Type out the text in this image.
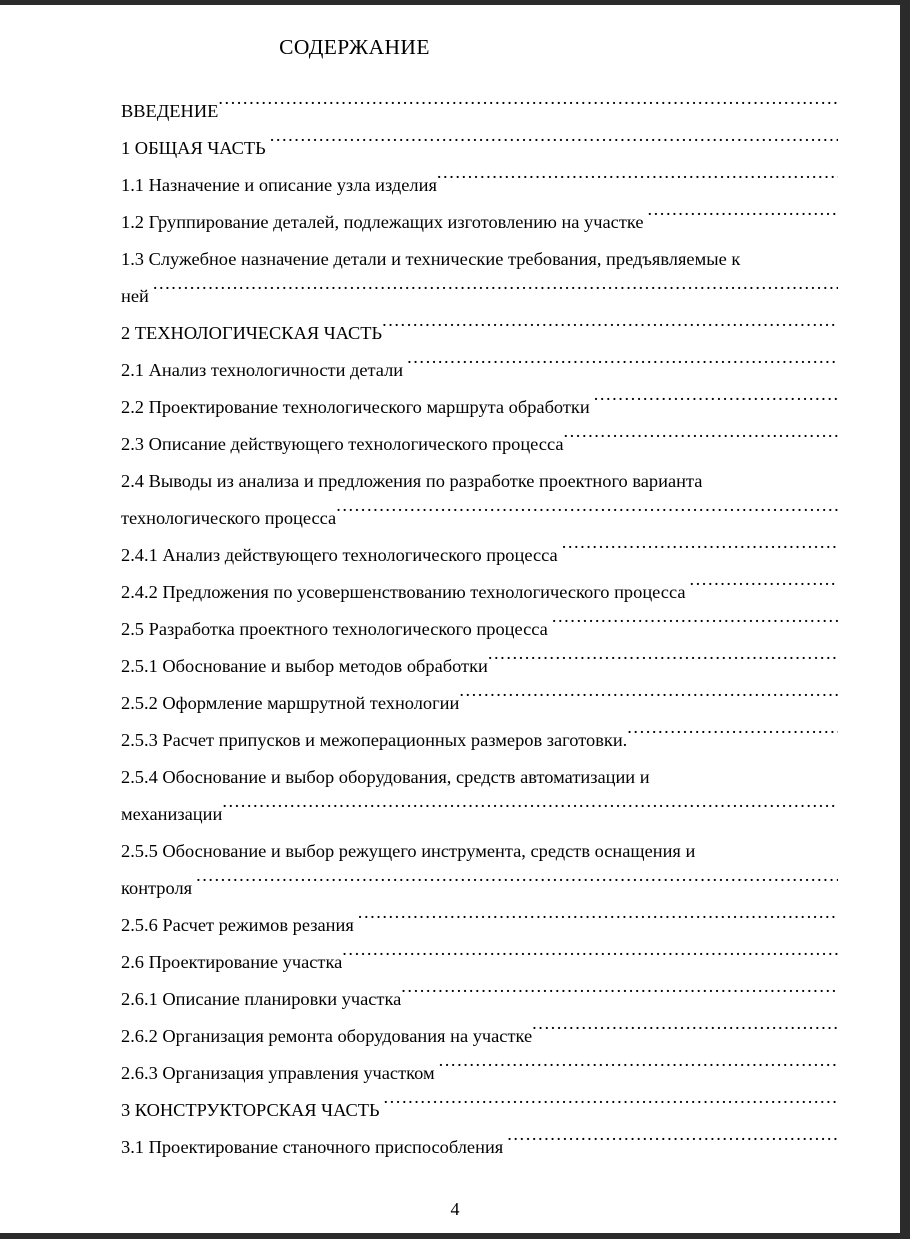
СОДЕРЖАНИЕ
ВВЕДЕНИЕ
.....
1 ОБЩАЯ ЧАСТЬ
.....
1.1 Назначение и описание узла изделия
.....
1.2 Группирование деталей, подлежащих изготовлению на участке
.....
1.3 Служебное назначение детали и технические требования, предъявляемые к
ней
.....
2 ТЕХНОЛОГИЧЕСКАЯ ЧАСТЬ
.....
2.1 Анализ технологичности детали
.....
2.2 Проектирование технологического маршрута обработки
.....
2.3 Описание действующего технологического процесса
.....
2.4 Выводы из анализа и предложения по разработке проектного варианта
технологического процесса
.....
2.4.1 Анализ действующего технологического процесса
.....
2.4.2 Предложения по усовершенствованию технологического процесса
.....
2.5 Разработка проектного технологического процесса
.....
2.5.1 Обоснование и выбор методов обработки
.....
2.5.2 Оформление маршрутной технологии
.....
2.5.3 Расчет припусков и межоперационных размеров заготовки.
.....
2.5.4 Обоснование и выбор оборудования, средств автоматизации и
механизации
.....
2.5.5 Обоснование и выбор режущего инструмента, средств оснащения и
контроля
.....
2.5.6 Расчет режимов резания
.....
2.6 Проектирование участка
.....
2.6.1 Описание планировки участка
.....
2.6.2 Организация ремонта оборудования на участке
.....
2.6.3 Организация управления участком
.....
3 КОНСТРУКТОРСКАЯ ЧАСТЬ
.....
3.1 Проектирование станочного приспособления
.....
4
